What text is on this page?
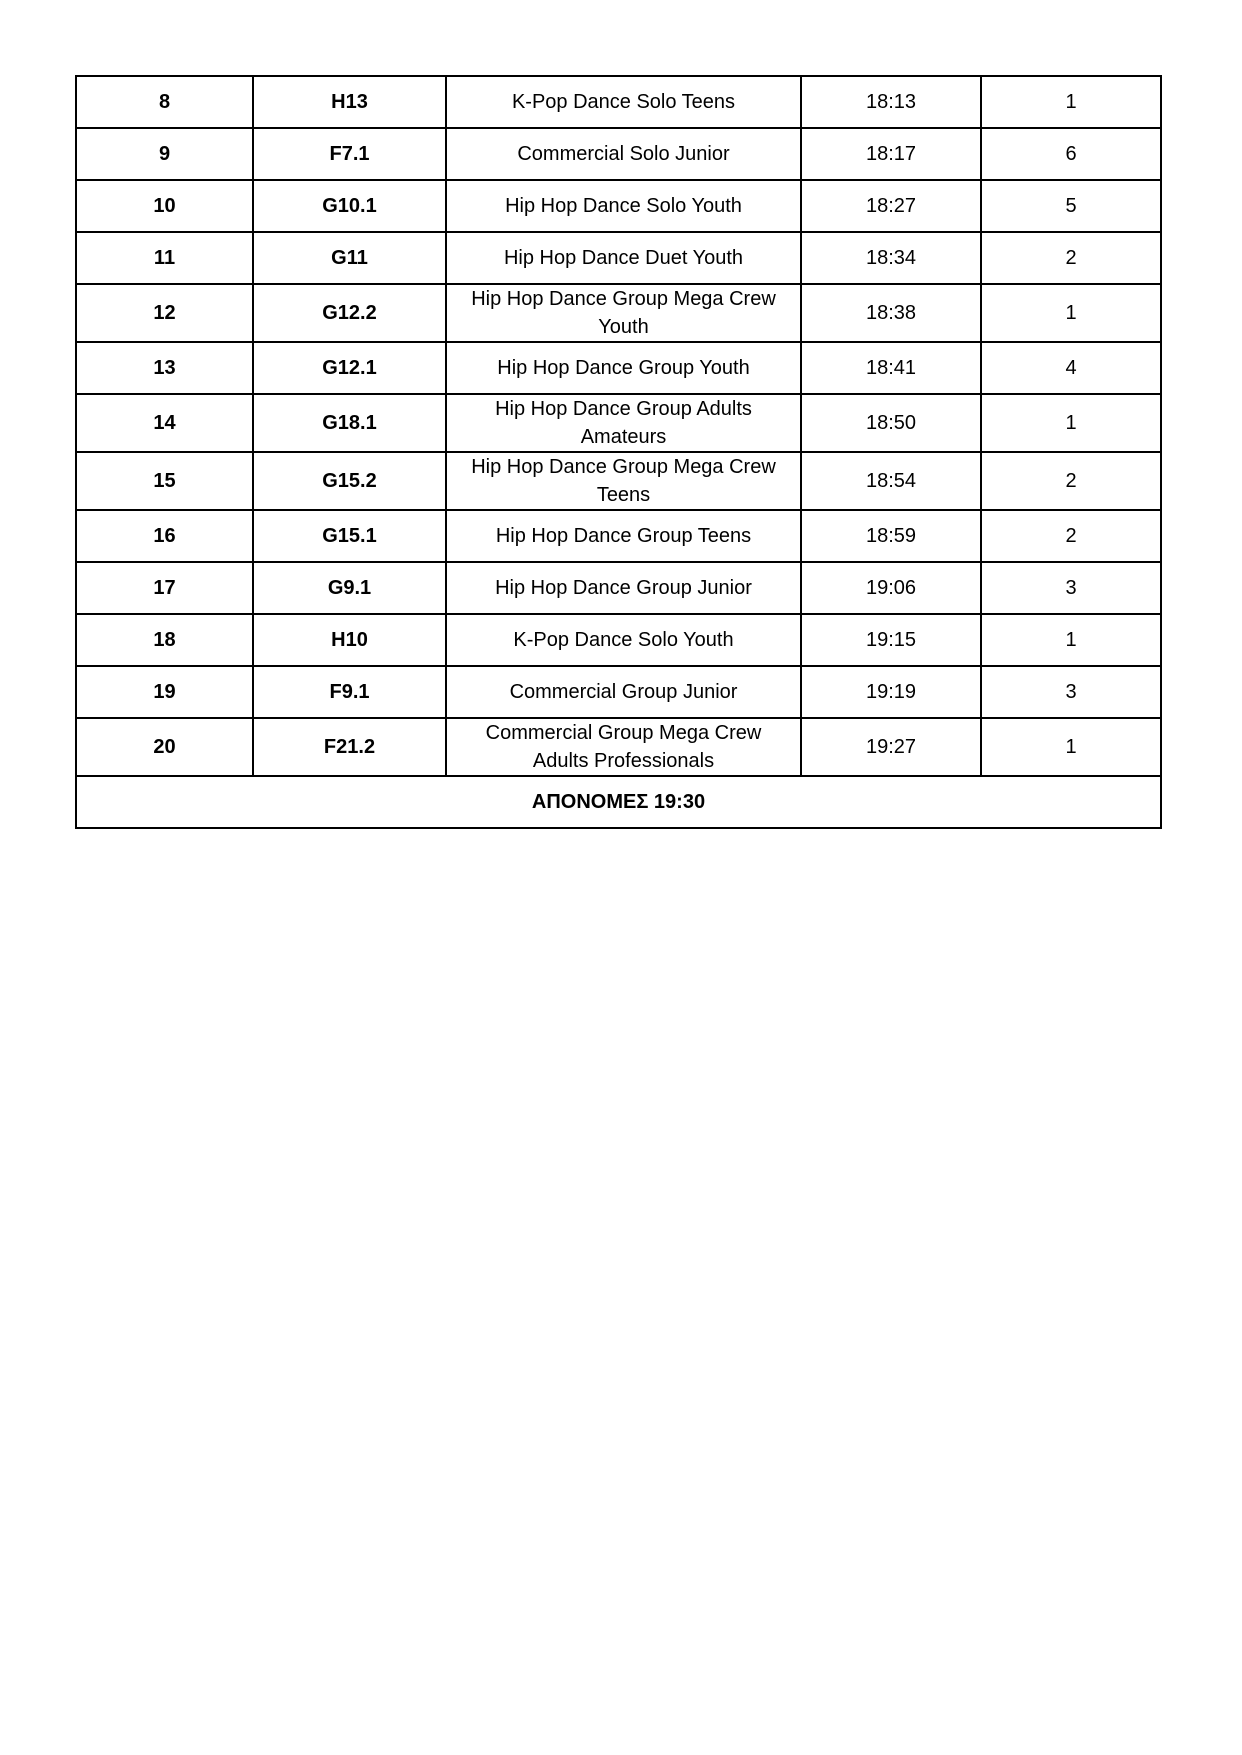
8	H13	K-Pop Dance Solo Teens	18:13	1
9	F7.1	Commercial Solo Junior	18:17	6
10	G10.1	Hip Hop Dance Solo Youth	18:27	5
11	G11	Hip Hop Dance Duet Youth	18:34	2
12	G12.2	Hip Hop Dance Group Mega Crew Youth	18:38	1
13	G12.1	Hip Hop Dance Group Youth	18:41	4
14	G18.1	Hip Hop Dance Group Adults Amateurs	18:50	1
15	G15.2	Hip Hop Dance Group Mega Crew Teens	18:54	2
16	G15.1	Hip Hop Dance Group Teens	18:59	2
17	G9.1	Hip Hop Dance Group Junior	19:06	3
18	H10	K-Pop Dance Solo Youth	19:15	1
19	F9.1	Commercial Group Junior	19:19	3
20	F21.2	Commercial Group Mega Crew Adults Professionals	19:27	1
ΑΠΟΝΟΜΕΣ 19:30				
